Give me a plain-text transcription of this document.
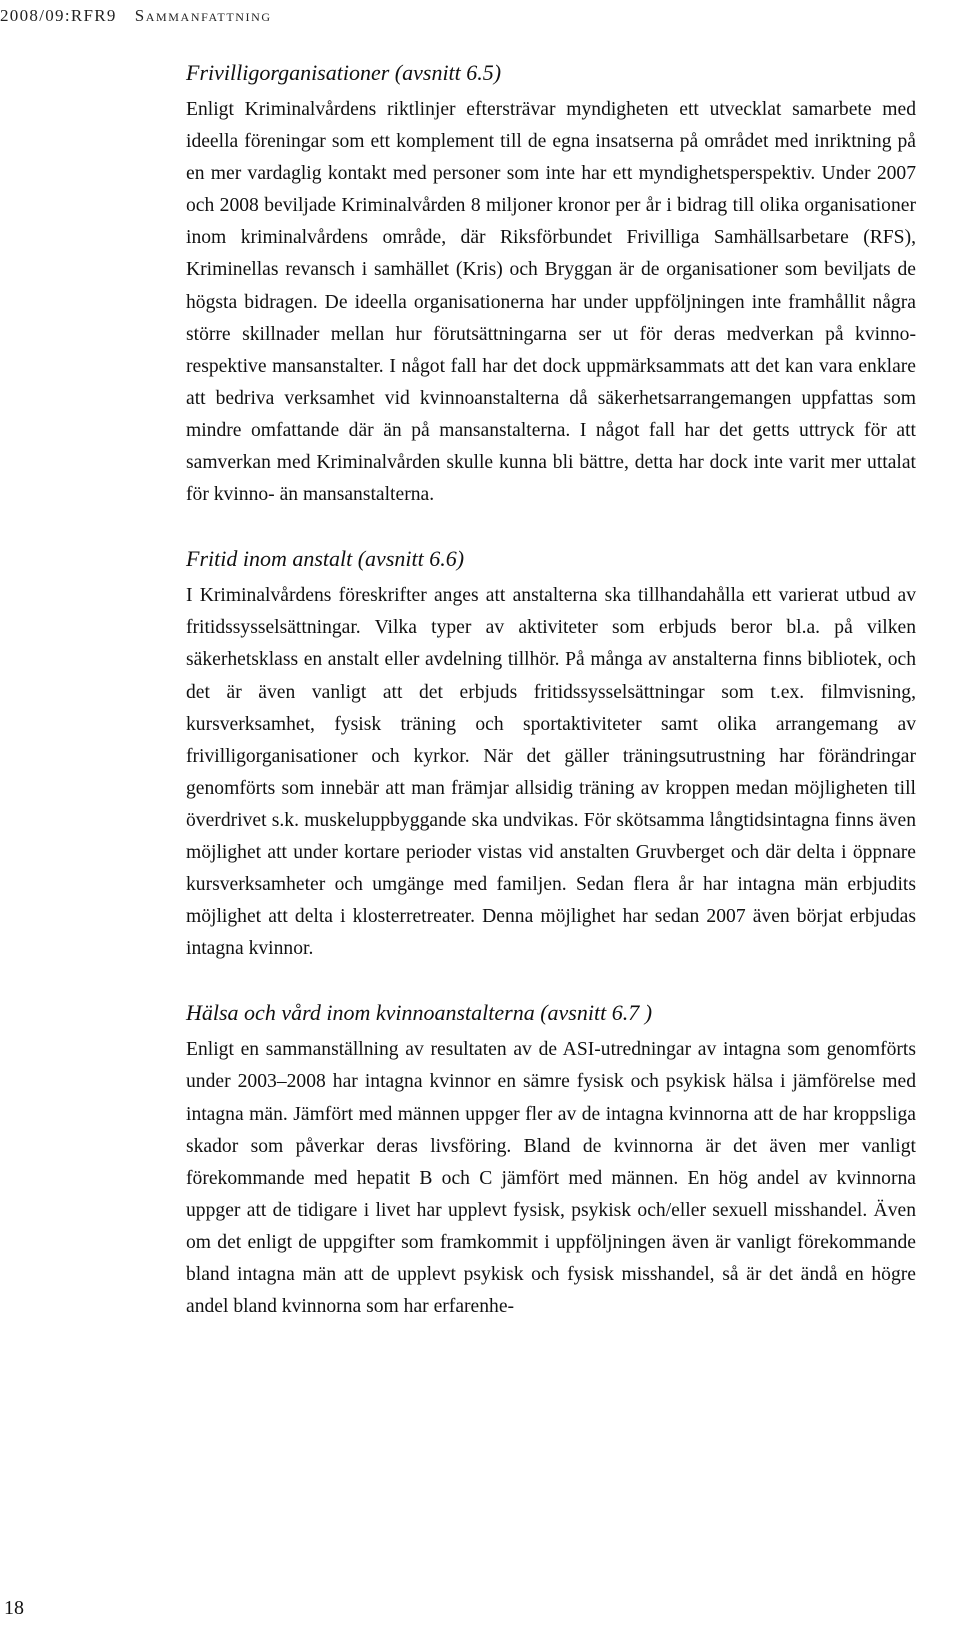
2008/09:RFR9 Sammanfattning
Frivilligorganisationer (avsnitt 6.5)

Enligt Kriminalvårdens riktlinjer eftersträvar myndigheten ett utvecklat samarbete med ideella föreningar som ett komplement till de egna insatserna på området med inriktning på en mer vardaglig kontakt med personer som inte har ett myndighetsperspektiv. Under 2007 och 2008 beviljade Kriminalvården 8 miljoner kronor per år i bidrag till olika organisationer inom kriminalvårdens område, där Riksförbundet Frivilliga Samhällsarbetare (RFS), Kriminellas revansch i samhället (Kris) och Bryggan är de organisationer som beviljats de högsta bidragen. De ideella organisationerna har under uppföljningen inte framhållit några större skillnader mellan hur förutsättningarna ser ut för deras medverkan på kvinno- respektive mansanstalter. I något fall har det dock uppmärksammats att det kan vara enklare att bedriva verksamhet vid kvinnoanstalterna då säkerhetsarrangemangen uppfattas som mindre omfattande där än på mansanstalterna. I något fall har det getts uttryck för att samverkan med Kriminalvården skulle kunna bli bättre, detta har dock inte varit mer uttalat för kvinno- än mansanstalterna.

Fritid inom anstalt (avsnitt 6.6)

I Kriminalvårdens föreskrifter anges att anstalterna ska tillhandahålla ett varierat utbud av fritidssysselsättningar. Vilka typer av aktiviteter som erbjuds beror bl.a. på vilken säkerhetsklass en anstalt eller avdelning tillhör. På många av anstalterna finns bibliotek, och det är även vanligt att det erbjuds fritidssysselsättningar som t.ex. filmvisning, kursverksamhet, fysisk träning och sportaktiviteter samt olika arrangemang av frivilligorganisationer och kyrkor. När det gäller träningsutrustning har förändringar genomförts som innebär att man främjar allsidig träning av kroppen medan möjligheten till överdrivet s.k. muskeluppbyggande ska undvikas. För skötsamma långtidsintagna finns även möjlighet att under kortare perioder vistas vid anstalten Gruvberget och där delta i öppnare kursverksamheter och umgänge med familjen. Sedan flera år har intagna män erbjudits möjlighet att delta i klosterretreater. Denna möjlighet har sedan 2007 även börjat erbjudas intagna kvinnor.

Hälsa och vård inom kvinnoanstalterna (avsnitt 6.7 )

Enligt en sammanställning av resultaten av de ASI-utredningar av intagna som genomförts under 2003–2008 har intagna kvinnor en sämre fysisk och psykisk hälsa i jämförelse med intagna män. Jämfört med männen uppger fler av de intagna kvinnorna att de har kroppsliga skador som påverkar deras livsföring. Bland de kvinnorna är det även mer vanligt förekommande med hepatit B och C jämfört med männen. En hög andel av kvinnorna uppger att de tidigare i livet har upplevt fysisk, psykisk och/eller sexuell misshandel. Även om det enligt de uppgifter som framkommit i uppföljningen även är vanligt förekommande bland intagna män att de upplevt psykisk och fysisk misshandel, så är det ändå en högre andel bland kvinnorna som har erfarenhe-

18
